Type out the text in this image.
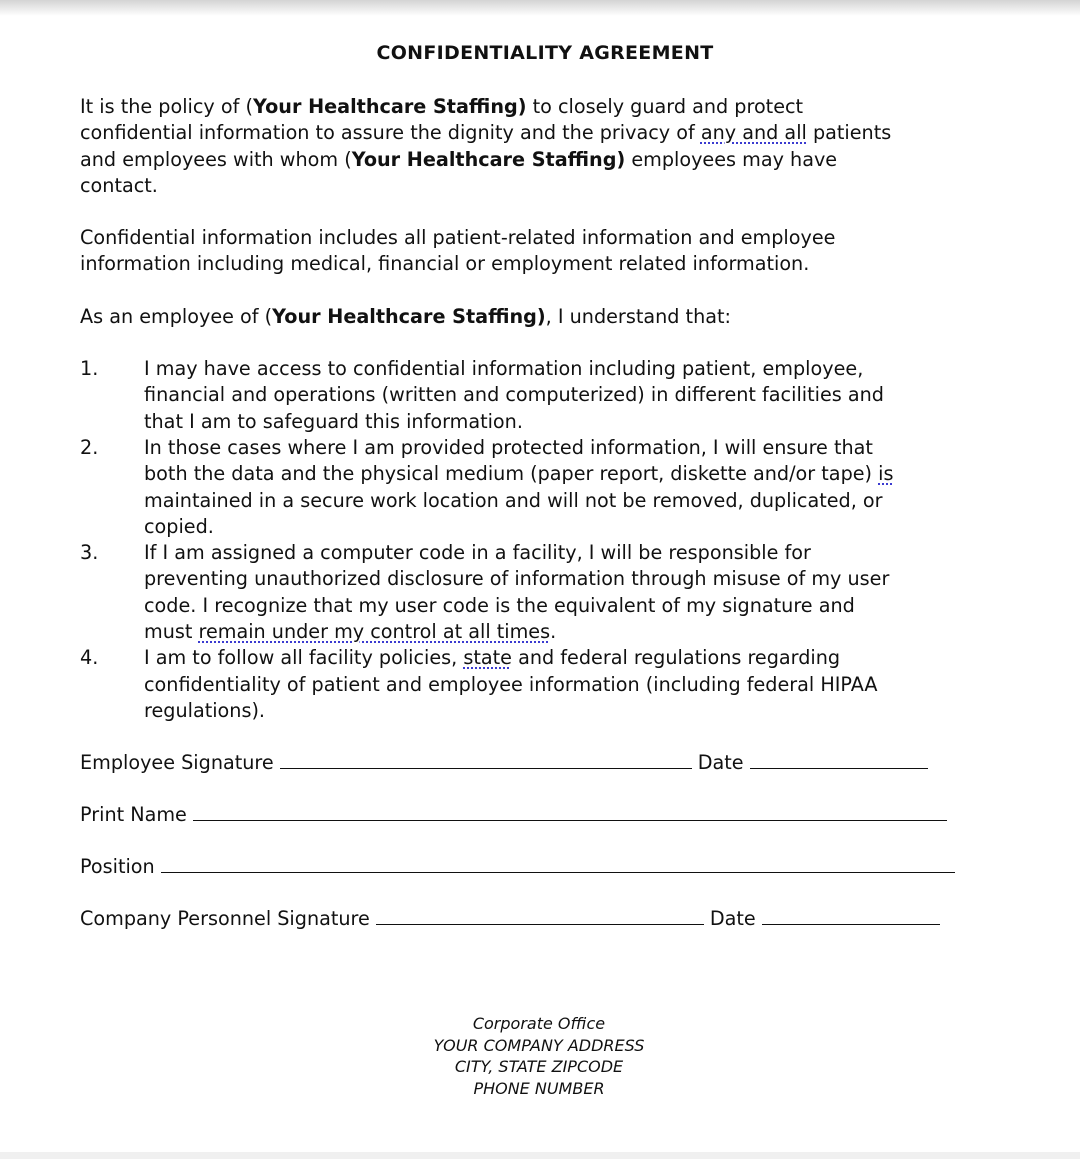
CONFIDENTIALITY AGREEMENT
It is the policy of (Your Healthcare Staffing) to closely guard and protect
confidential information to assure the dignity and the privacy of any and all patients
and employees with whom (Your Healthcare Staffing) employees may have
contact.
Confidential information includes all patient-related information and employee
information including medical, financial or employment related information.
As an employee of (Your Healthcare Staffing), I understand that:
1. I may have access to confidential information including patient, employee,
financial and operations (written and computerized) in different facilities and
that I am to safeguard this information.
2. In those cases where I am provided protected information, I will ensure that
both the data and the physical medium (paper report, diskette and/or tape) is
maintained in a secure work location and will not be removed, duplicated, or
copied.
3. If I am assigned a computer code in a facility, I will be responsible for
preventing unauthorized disclosure of information through misuse of my user
code. I recognize that my user code is the equivalent of my signature and
must remain under my control at all times.
4. I am to follow all facility policies, state and federal regulations regarding
confidentiality of patient and employee information (including federal HIPAA
regulations).
Employee Signature	Date
Print Name
Position
Company Personnel Signature	Date
Corporate Office
YOUR COMPANY ADDRESS
CITY, STATE ZIPCODE
PHONE NUMBER
